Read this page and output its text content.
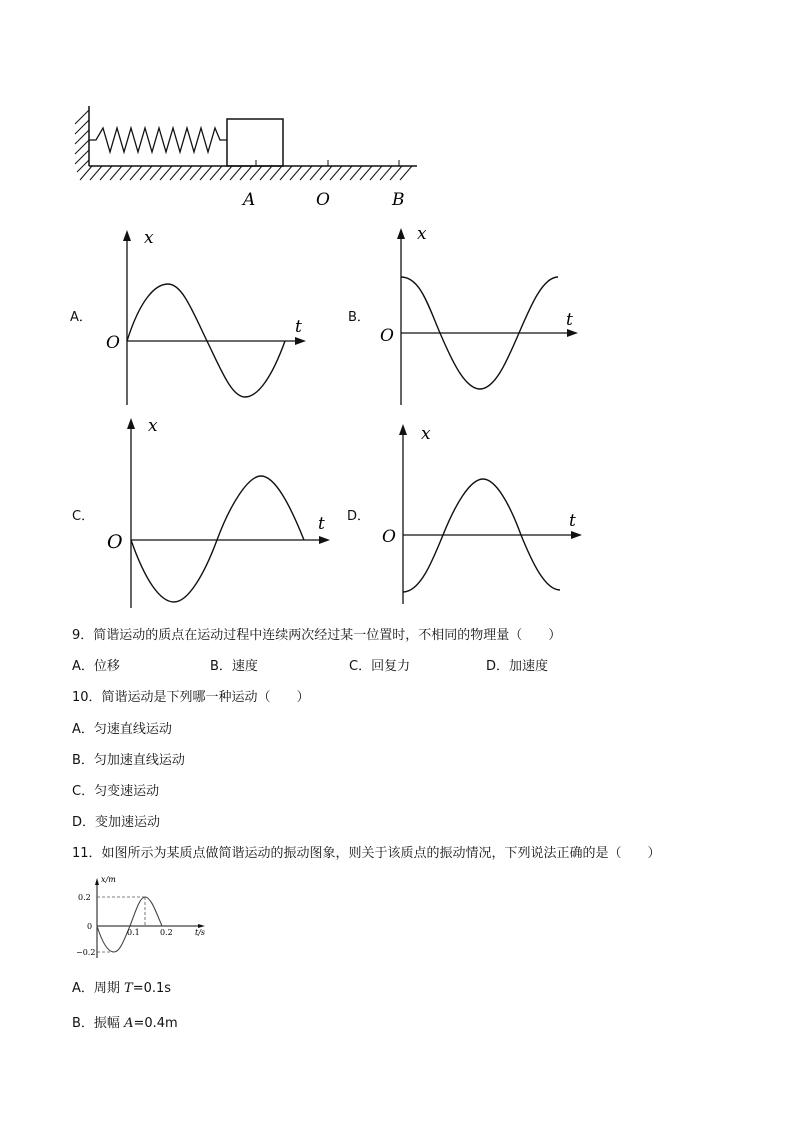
A	O	B
A．
x
t
O
B．
x
t
O
C．
x
t
O
D．
x
t
O
9．简谐运动的质点在运动过程中连续两次经过某一位置时，不相同的物理量（　　）
A．位移	B．速度	C．回复力	D．加速度
10．简谐运动是下列哪一种运动（　　）
A．匀速直线运动
B．匀加速直线运动
C．匀变速运动
D．变加速运动
11．如图所示为某质点做简谐运动的振动图象，则关于该质点的振动情况，下列说法正确的是（　　）
x/m
t/s
0.2
−0.2
0
0.1	0.2
A．周期 T=0.1s
B．振幅 A=0.4m
